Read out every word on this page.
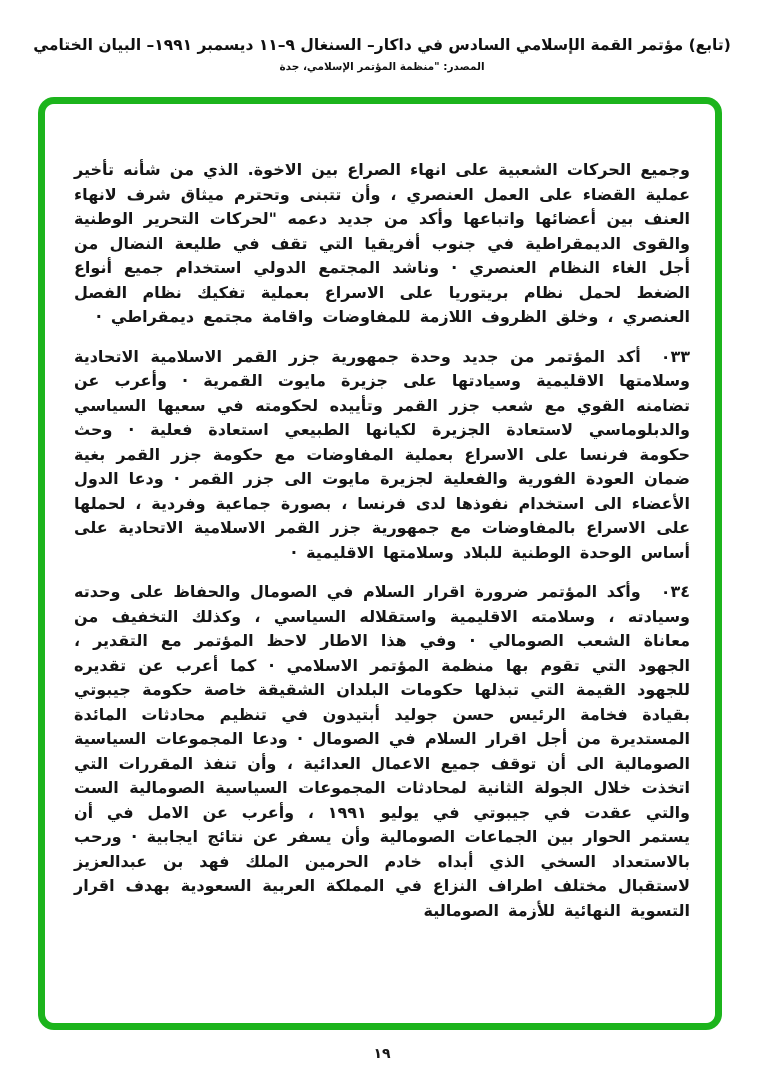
(تابع) مؤتمر القمة الإسلامي السادس في داكار– السنغال ٩–١١ ديسمبر ١٩٩١– البيان الختامي
المصدر: "منظمة المؤتمر الإسلامي، جدة

وجميع الحركات الشعبية على انهاء الصراع بين الاخوة. الذي من شأنه تأخير عملية القضاء على العمل العنصري ، وأن تتبنى وتحترم ميثاق شرف لانهاء العنف بين أعضائها واتباعها وأكد من جديد دعمه "لحركات التحرير الوطنية والقوى الديمقراطية في جنوب أفريقيا التي تقف في طليعة النضال من أجل الغاء النظام العنصري · وناشد المجتمع الدولي استخدام جميع أنواع الضغط لحمل نظام بريتوريا على الاسراع بعملية تفكيك نظام الفصل العنصري ، وخلق الظروف اللازمة للمفاوضات واقامة مجتمع ديمقراطي ·

٠٣٣أكد المؤتمر من جديد وحدة جمهورية جزر القمر الاسلامية الاتحادية وسلامتها الاقليمية وسيادتها على جزيرة مايوت القمرية · وأعرب عن تضامنه القوي مع شعب جزر القمر وتأييده لحكومته في سعيها السياسي والدبلوماسي لاستعادة الجزيرة لكيانها الطبيعي استعادة فعلية · وحث حكومة فرنسا على الاسراع بعملية المفاوضات مع حكومة جزر القمر بغية ضمان العودة الفورية والفعلية لجزيرة مايوت الى جزر القمر · ودعا الدول الأعضاء الى استخدام نفوذها لدى فرنسا ، بصورة جماعية وفردية ، لحملها على الاسراع بالمفاوضات مع جمهورية جزر القمر الاسلامية الاتحادية على أساس الوحدة الوطنية للبلاد وسلامتها الاقليمية ·

٠٣٤وأكد المؤتمر ضرورة اقرار السلام في الصومال والحفاظ على وحدته وسيادته ، وسلامته الاقليمية واستقلاله السياسي ، وكذلك التخفيف من معاناة الشعب الصومالي · وفي هذا الاطار لاحظ المؤتمر مع التقدير ، الجهود التي تقوم بها منظمة المؤتمر الاسلامي · كما أعرب عن تقديره للجهود القيمة التي تبذلها حكومات البلدان الشقيقة خاصة حكومة جيبوتي بقيادة فخامة الرئيس حسن جوليد أبتيدون في تنظيم محادثات المائدة المستديرة من أجل اقرار السلام في الصومال · ودعا المجموعات السياسية الصومالية الى أن توقف جميع الاعمال العدائية ، وأن تنفذ المقررات التي اتخذت خلال الجولة الثانية لمحادثات المجموعات السياسية الصومالية الست والتي عقدت في جيبوتي في يوليو ١٩٩١ ، وأعرب عن الامل في أن يستمر الحوار بين الجماعات الصومالية وأن يسفر عن نتائج ايجابية · ورحب بالاستعداد السخي الذي أبداه خادم الحرمين الملك فهد بن عبدالعزيز لاستقبال مختلف اطراف النزاع في المملكة العربية السعودية بهدف اقرار التسوية النهائية للأزمة الصومالية

١٩
